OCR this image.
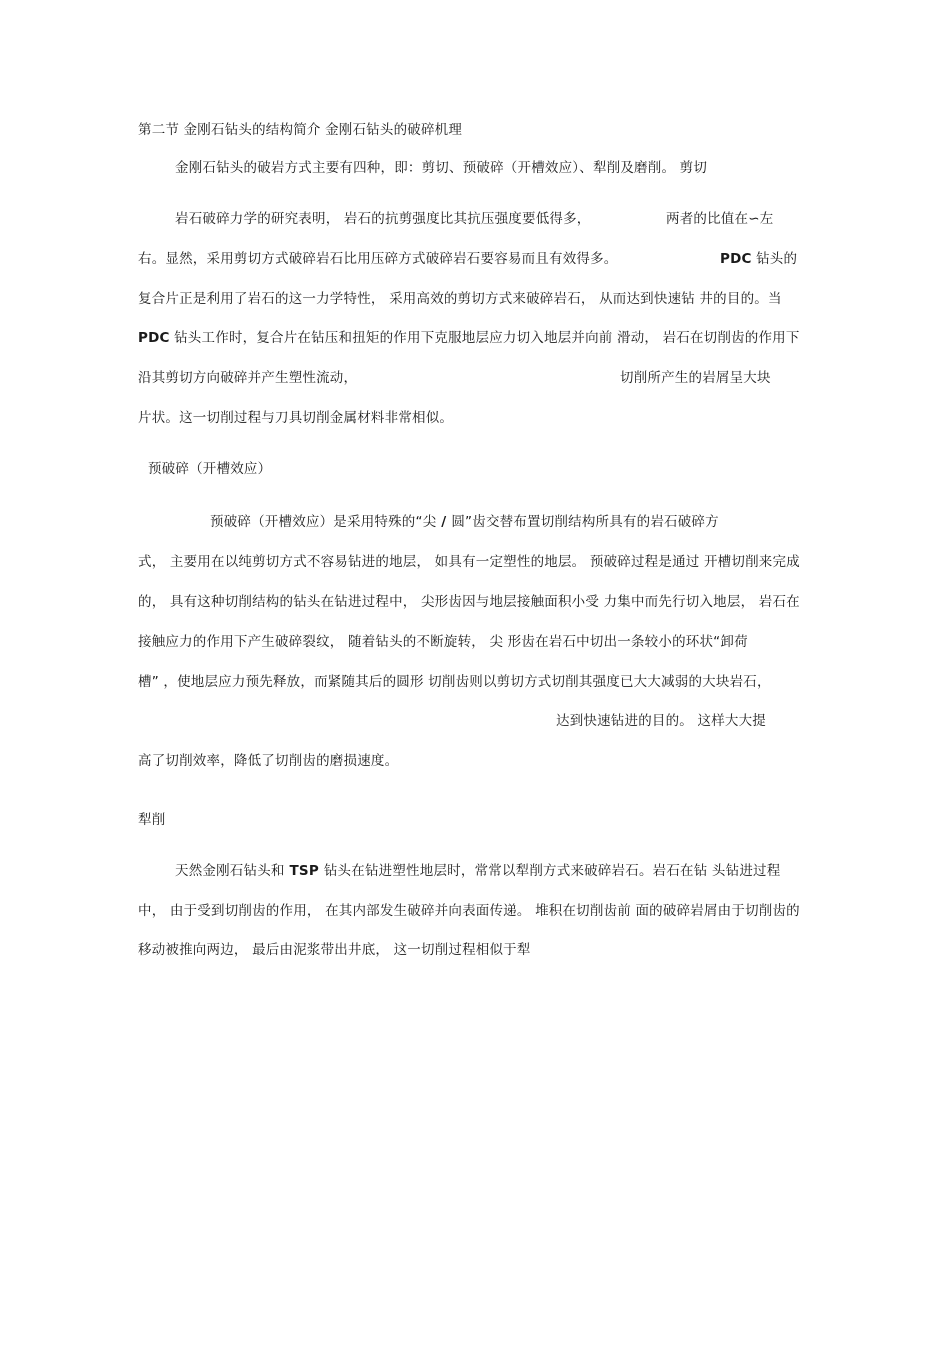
第二节 金刚石钻头的结构简介 金刚石钻头的破碎机理
金刚石钻头的破岩方式主要有四种，即：剪切、预破碎（开槽效应）、犁削及磨削。 剪切
岩石破碎力学的研究表明， 岩石的抗剪强度比其抗压强度要低得多，	两者的比值在∽左
右。显然，采用剪切方式破碎岩石比用压碎方式破碎岩石要容易而且有效得多。	PDC 钻头的
复合片正是利用了岩石的这一力学特性， 采用高效的剪切方式来破碎岩石， 从而达到快速钻 井的目的。当
PDC 钻头工作时，复合片在钻压和扭矩的作用下克服地层应力切入地层并向前 滑动， 岩石在切削齿的作用下
沿其剪切方向破碎并产生塑性流动，	切削所产生的岩屑呈大块
片状。这一切削过程与刀具切削金属材料非常相似。
预破碎（开槽效应）
预破碎（开槽效应）是采用特殊的“尖 / 圆”齿交替布置切削结构所具有的岩石破碎方
式， 主要用在以纯剪切方式不容易钻进的地层， 如具有一定塑性的地层。 预破碎过程是通过 开槽切削来完成
的， 具有这种切削结构的钻头在钻进过程中， 尖形齿因与地层接触面积小受 力集中而先行切入地层， 岩石在
接触应力的作用下产生破碎裂纹， 随着钻头的不断旋转， 尖 形齿在岩石中切出一条较小的环状“卸荷
槽” ，使地层应力预先释放，而紧随其后的圆形 切削齿则以剪切方式切削其强度已大大减弱的大块岩石，
达到快速钻进的目的。 这样大大提
高了切削效率，降低了切削齿的磨损速度。
犁削
天然金刚石钻头和 TSP 钻头在钻进塑性地层时，常常以犁削方式来破碎岩石。岩石在钻 头钻进过程
中， 由于受到切削齿的作用， 在其内部发生破碎并向表面传递。 堆积在切削齿前 面的破碎岩屑由于切削齿的
移动被推向两边， 最后由泥浆带出井底， 这一切削过程相似于犁
